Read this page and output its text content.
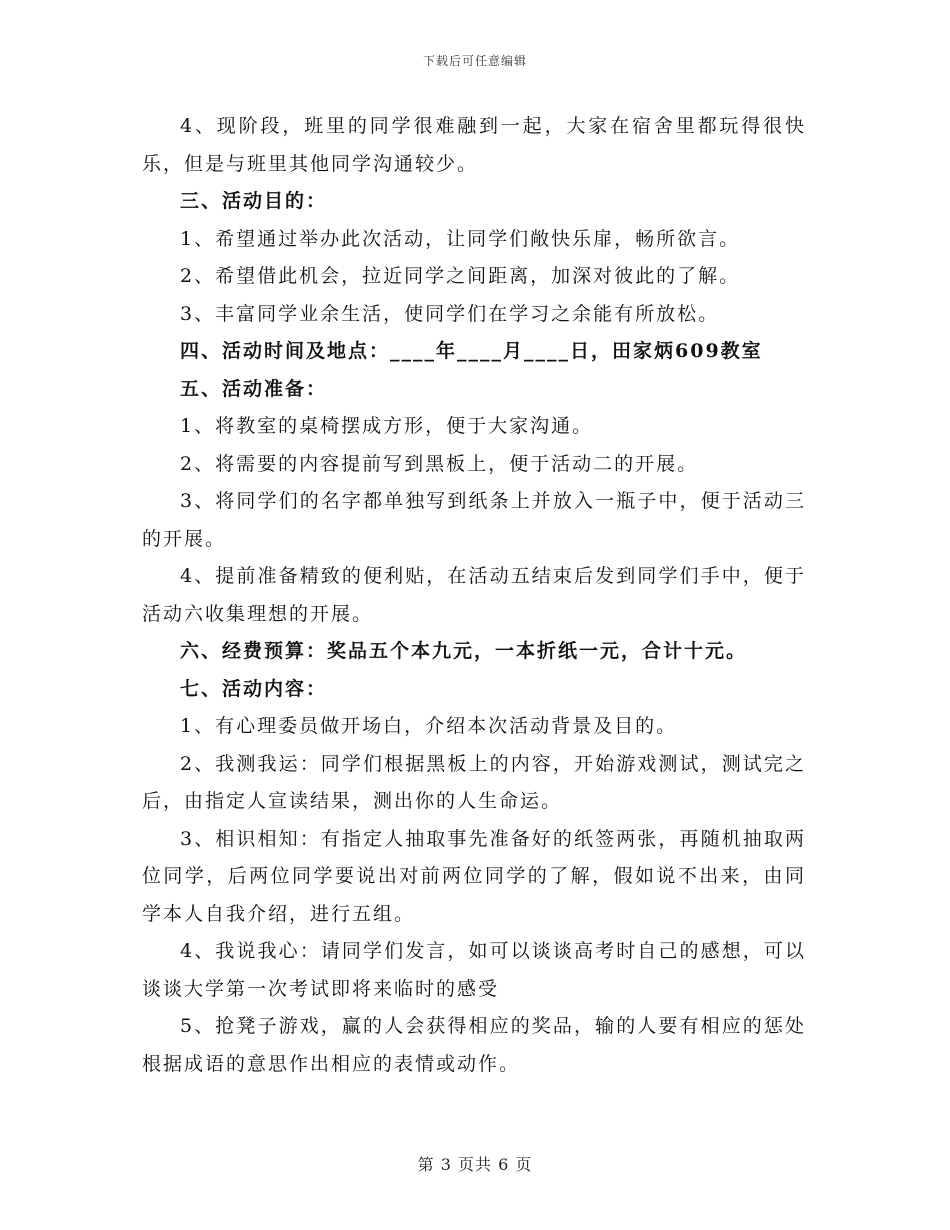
下载后可任意编辑

4、现阶段，班里的同学很难融到一起，大家在宿舍里都玩得很快乐，但是与班里其他同学沟通较少。

三、活动目的：

1、希望通过举办此次活动，让同学们敞快乐扉，畅所欲言。

2、希望借此机会，拉近同学之间距离，加深对彼此的了解。

3、丰富同学业余生活，使同学们在学习之余能有所放松。

四、活动时间及地点：____年____月____日，田家炳609教室

五、活动准备：

1、将教室的桌椅摆成方形，便于大家沟通。

2、将需要的内容提前写到黑板上，便于活动二的开展。

3、将同学们的名字都单独写到纸条上并放入一瓶子中，便于活动三的开展。

4、提前准备精致的便利贴，在活动五结束后发到同学们手中，便于活动六收集理想的开展。

六、经费预算：奖品五个本九元，一本折纸一元，合计十元。

七、活动内容：

1、有心理委员做开场白，介绍本次活动背景及目的。

2、我测我运：同学们根据黑板上的内容，开始游戏测试，测试完之后，由指定人宣读结果，测出你的人生命运。

3、相识相知：有指定人抽取事先准备好的纸签两张，再随机抽取两位同学，后两位同学要说出对前两位同学的了解，假如说不出来，由同学本人自我介绍，进行五组。

4、我说我心：请同学们发言，如可以谈谈高考时自己的感想，可以谈谈大学第一次考试即将来临时的感受

5、抢凳子游戏，赢的人会获得相应的奖品，输的人要有相应的惩处根据成语的意思作出相应的表情或动作。

第 3 页共 6 页
